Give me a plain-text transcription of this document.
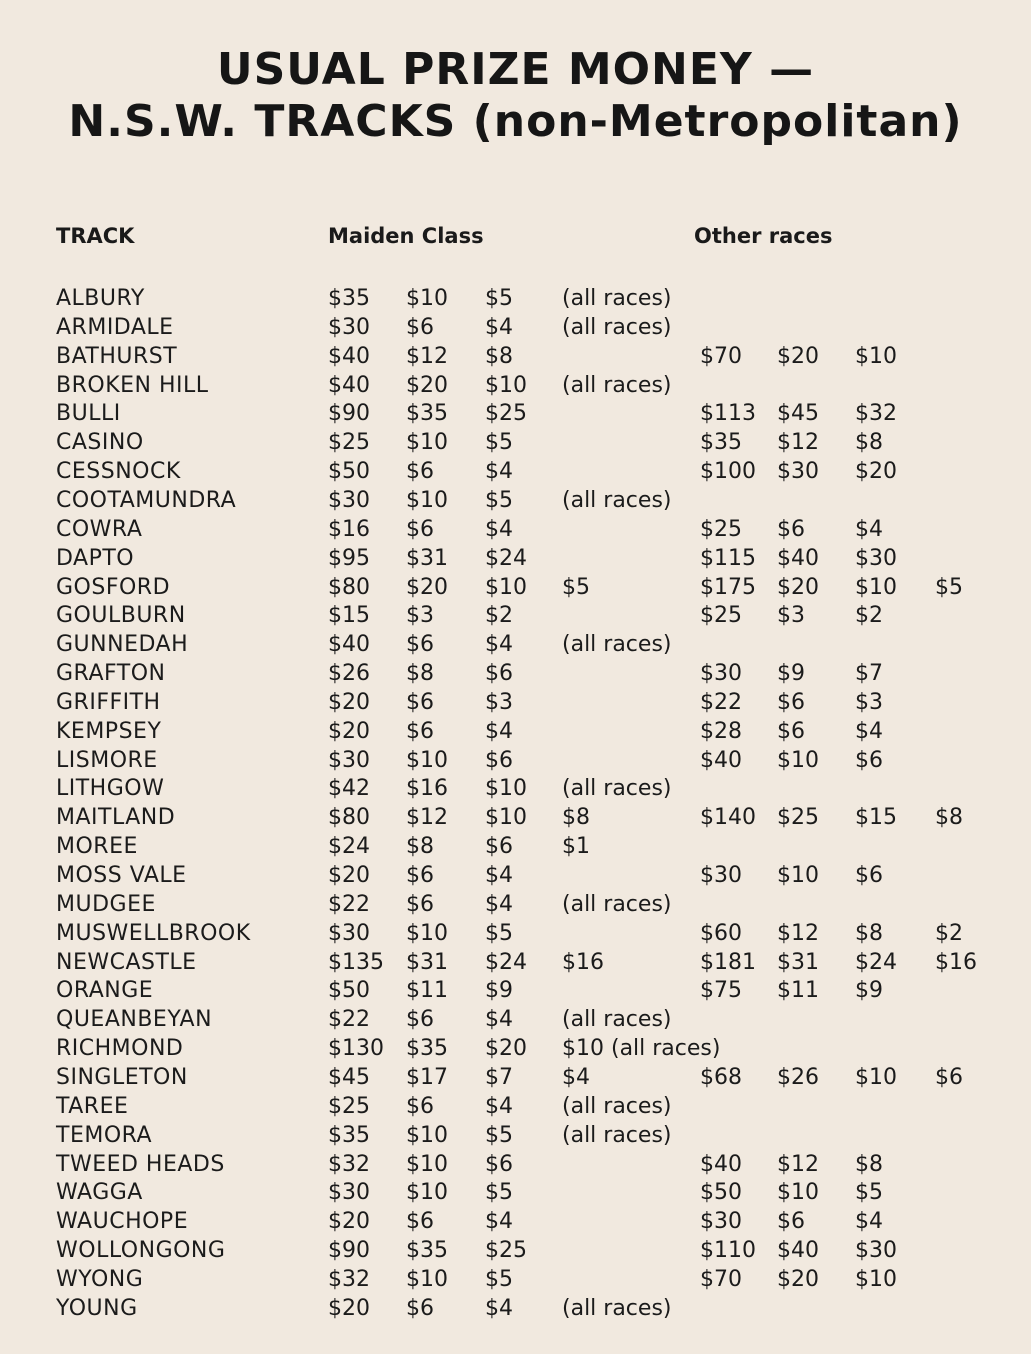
USUAL PRIZE MONEY —
N.S.W. TRACKS (non-Metropolitan)
TRACK	Maiden Class	Other races
ALBURY	$35 $10 $5 (all races)
ARMIDALE	$30 $6 $4 (all races)
BATHURST	$40 $12 $8	$70 $20 $10
BROKEN HILL	$40 $20 $10 (all races)
BULLI	$90 $35 $25	$113 $45 $32
CASINO	$25 $10 $5	$35 $12 $8
CESSNOCK	$50 $6 $4	$100 $30 $20
COOTAMUNDRA	$30 $10 $5 (all races)
COWRA	$16 $6 $4	$25 $6 $4
DAPTO	$95 $31 $24	$115 $40 $30
GOSFORD	$80 $20 $10 $5	$175 $20 $10 $5
GOULBURN	$15 $3 $2	$25 $3 $2
GUNNEDAH	$40 $6 $4 (all races)
GRAFTON	$26 $8 $6	$30 $9 $7
GRIFFITH	$20 $6 $3	$22 $6 $3
KEMPSEY	$20 $6 $4	$28 $6 $4
LISMORE	$30 $10 $6	$40 $10 $6
LITHGOW	$42 $16 $10 (all races)
MAITLAND	$80 $12 $10 $8	$140 $25 $15 $8
MOREE	$24 $8 $6 $1
MOSS VALE	$20 $6 $4	$30 $10 $6
MUDGEE	$22 $6 $4 (all races)
MUSWELLBROOK	$30 $10 $5	$60 $12 $8 $2
NEWCASTLE	$135 $31 $24 $16	$181 $31 $24 $16
ORANGE	$50 $11 $9	$75 $11 $9
QUEANBEYAN	$22 $6 $4 (all races)
RICHMOND	$130 $35 $20 $10 (all races)
SINGLETON	$45 $17 $7 $4	$68 $26 $10 $6
TAREE	$25 $6 $4 (all races)
TEMORA	$35 $10 $5 (all races)
TWEED HEADS	$32 $10 $6	$40 $12 $8
WAGGA	$30 $10 $5	$50 $10 $5
WAUCHOPE	$20 $6 $4	$30 $6 $4
WOLLONGONG	$90 $35 $25	$110 $40 $30
WYONG	$32 $10 $5	$70 $20 $10
YOUNG	$20 $6 $4 (all races)
